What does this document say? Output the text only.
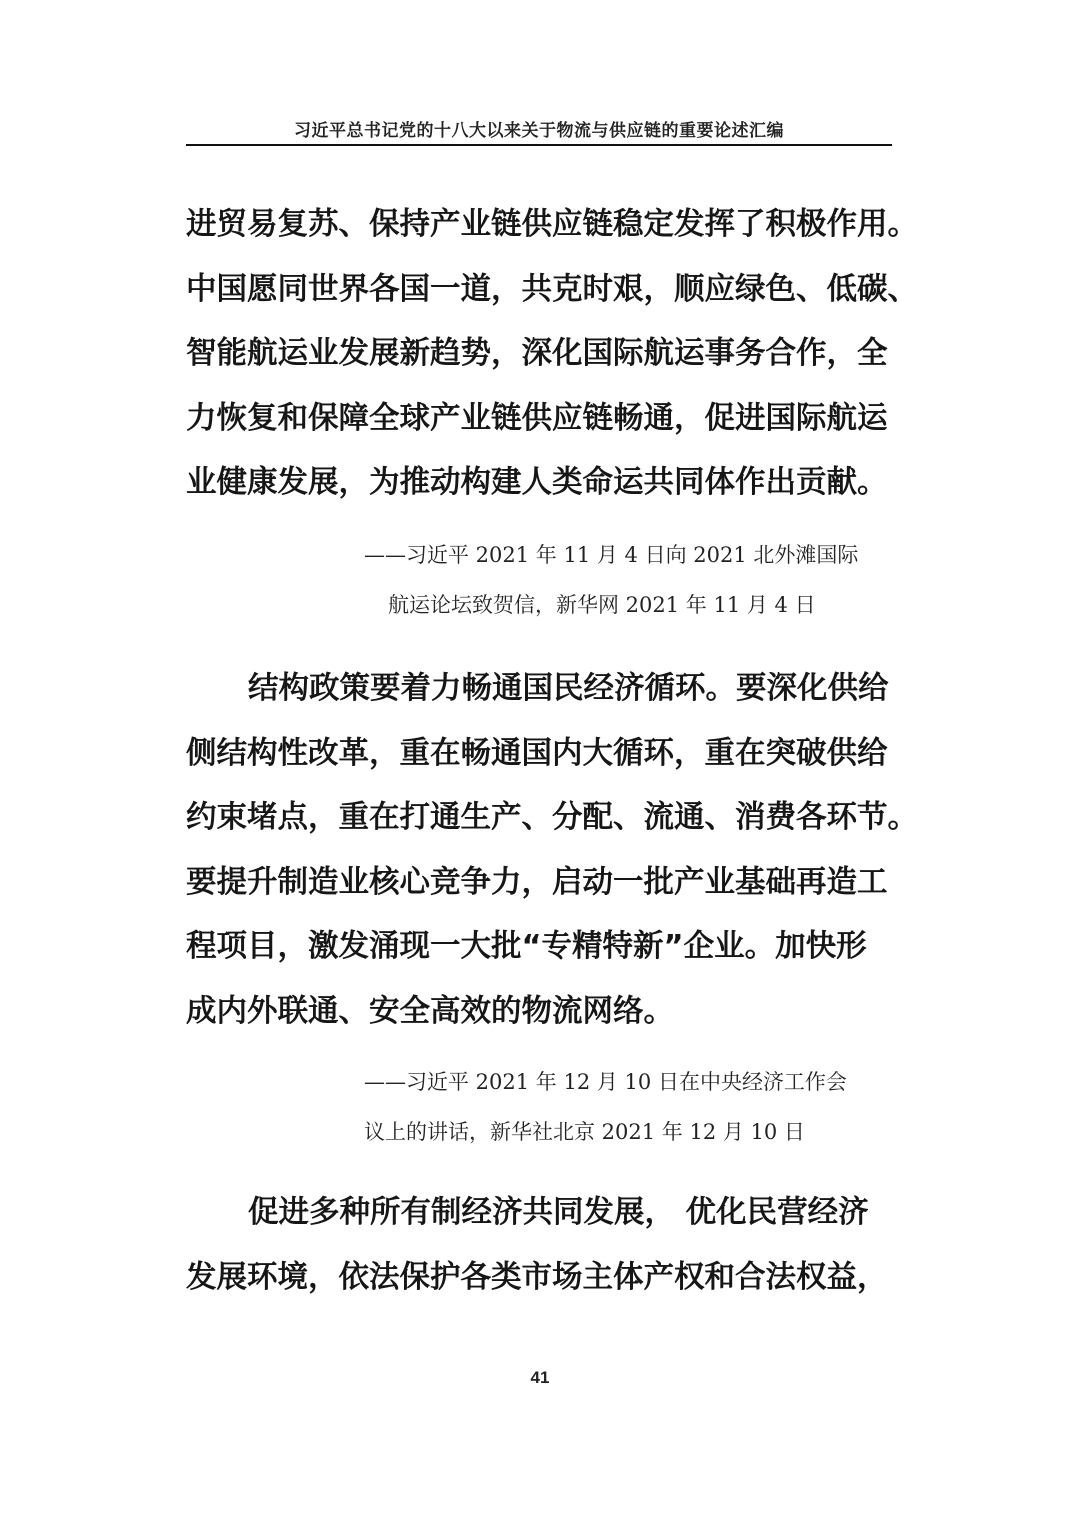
习近平总书记党的十八大以来关于物流与供应链的重要论述汇编
进贸易复苏、保持产业链供应链稳定发挥了积极作用。
中国愿同世界各国一道，共克时艰，顺应绿色、低碳、
智能航运业发展新趋势，深化国际航运事务合作，全
力恢复和保障全球产业链供应链畅通，促进国际航运
业健康发展，为推动构建人类命运共同体作出贡献。
——习近平 2021 年 11 月 4 日向 2021 北外滩国际
航运论坛致贺信，新华网 2021 年 11 月 4 日
结构政策要着力畅通国民经济循环。要深化供给
侧结构性改革，重在畅通国内大循环，重在突破供给
约束堵点，重在打通生产、分配、流通、消费各环节。
要提升制造业核心竞争力，启动一批产业基础再造工
程项目，激发涌现一大批“专精特新”企业。加快形
成内外联通、安全高效的物流网络。
——习近平 2021 年 12 月 10 日在中央经济工作会
议上的讲话，新华社北京 2021 年 12 月 10 日
促进多种所有制经济共同发展， 优化民营经济
发展环境，依法保护各类市场主体产权和合法权益，
41
